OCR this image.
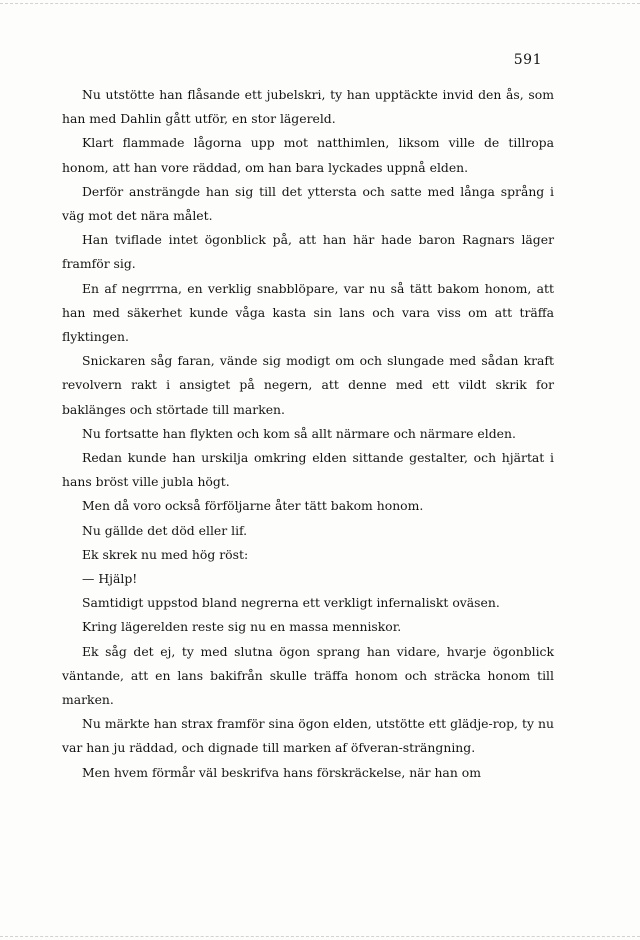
591

Nu utstötte han flåsande ett jubelskri, ty han upptäckte invid den ås, som han med Dahlin gått utför, en stor lägereld.

Klart flammade lågorna upp mot natthimlen, liksom ville de tillropa honom, att han vore räddad, om han bara lyckades uppnå elden.

Derför ansträngde han sig till det yttersta och satte med långa språng i väg mot det nära målet.

Han tviflade intet ögonblick på, att han här hade baron Ragnars läger framför sig.

En af negrrrna, en verklig snabblöpare, var nu så tätt bakom honom, att han med säkerhet kunde våga kasta sin lans och vara viss om att träffa flyktingen.

Snickaren såg faran, vände sig modigt om och slungade med sådan kraft revolvern rakt i ansigtet på negern, att denne med ett vildt skrik for baklänges och störtade till marken.

Nu fortsatte han flykten och kom så allt närmare och närmare elden.

Redan kunde han urskilja omkring elden sittande gestalter, och hjärtat i hans bröst ville jubla högt.

Men då voro också förföljarne åter tätt bakom honom.

Nu gällde det död eller lif.

Ek skrek nu med hög röst:

— Hjälp!

Samtidigt uppstod bland negrerna ett verkligt infernaliskt oväsen.

Kring lägerelden reste sig nu en massa menniskor.

Ek såg det ej, ty med slutna ögon sprang han vidare, hvarje ögonblick väntande, att en lans bakifrån skulle träffa honom och sträcka honom till marken.

Nu märkte han strax framför sina ögon elden, utstötte ett glädje-rop, ty nu var han ju räddad, och dignade till marken af öfveran-strängning.

Men hvem förmår väl beskrifva hans förskräckelse, när han om
